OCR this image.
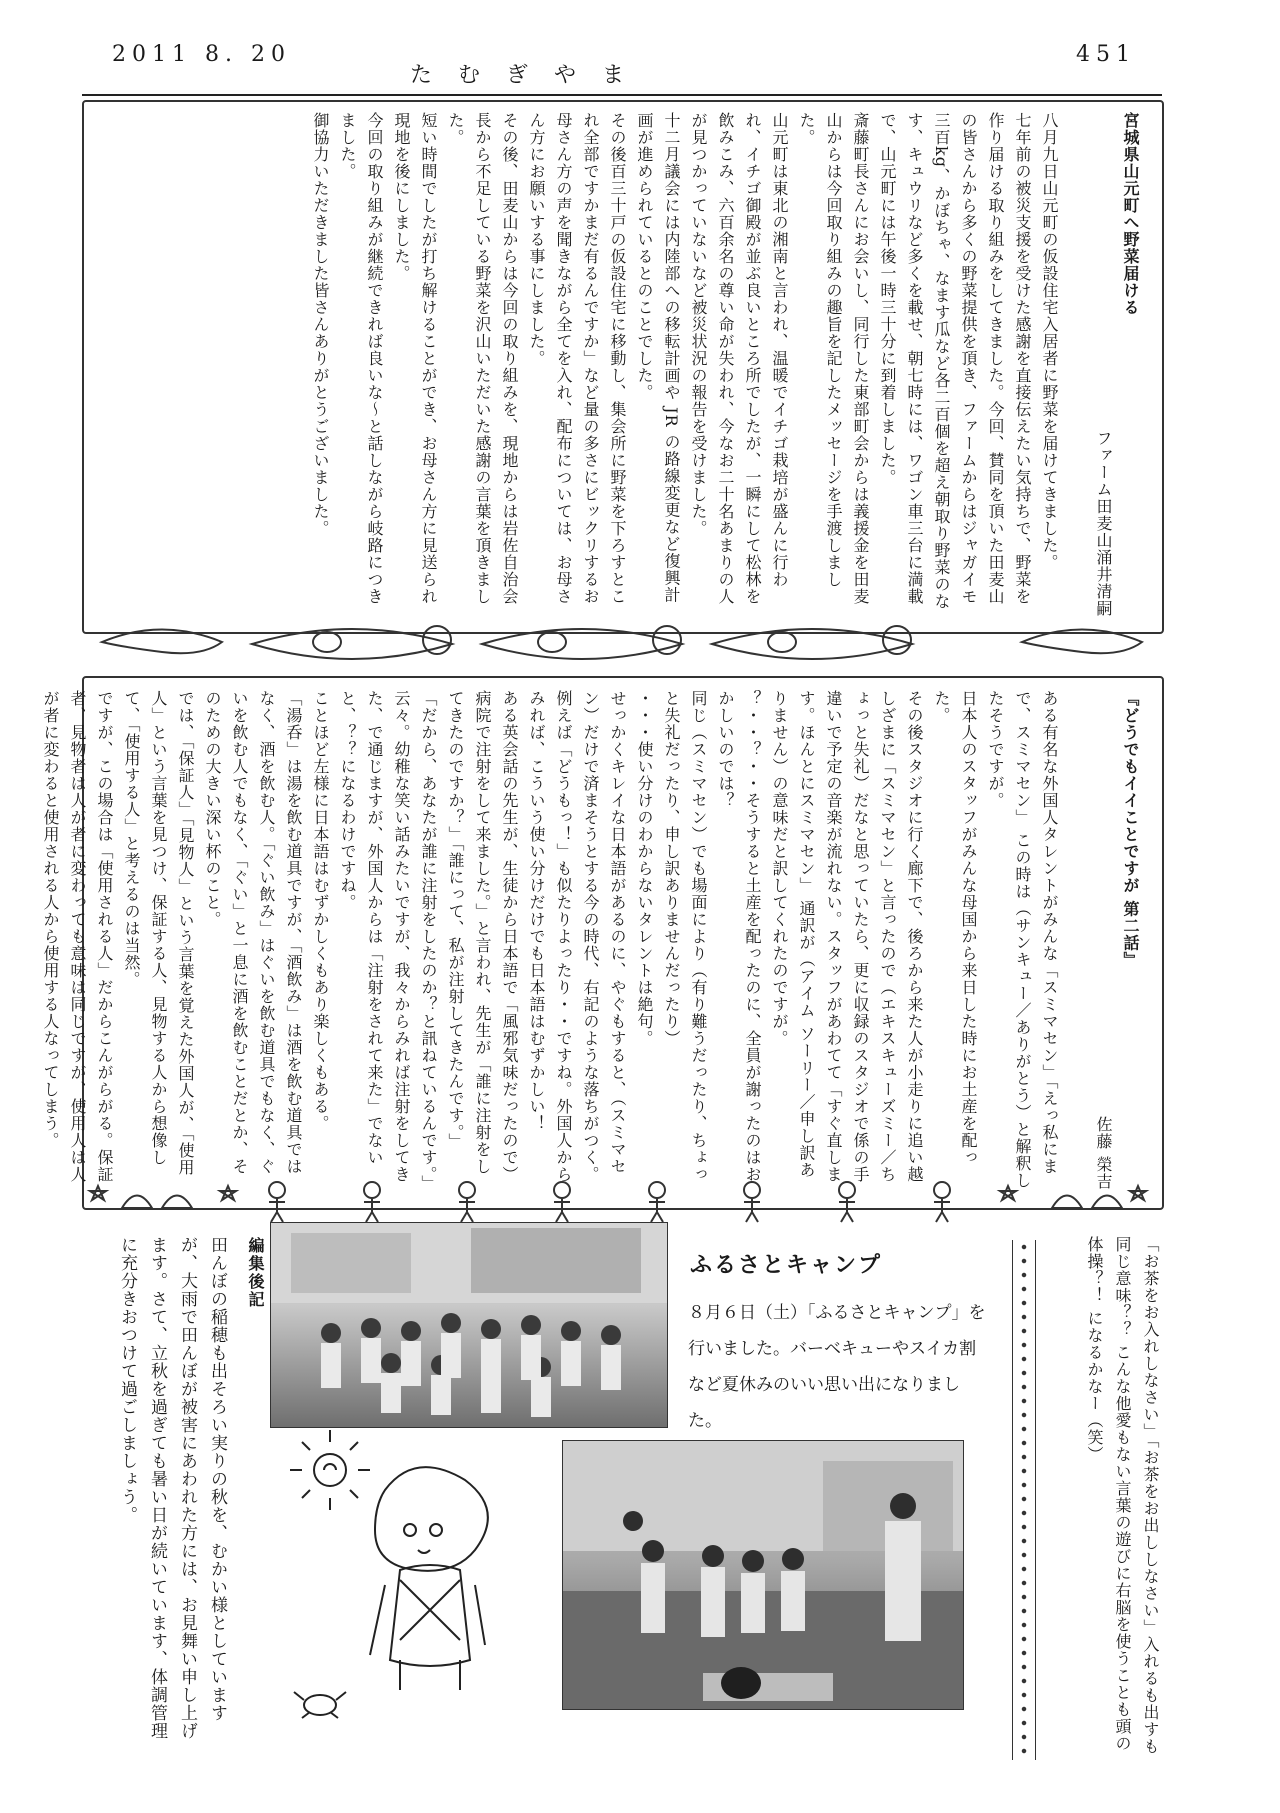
2011 8. 20
たむぎやま
451
宮城県山元町へ野菜届ける

ファーム田麦山涌井清嗣

八月九日山元町の仮設住宅入居者に野菜を届けてきました。
七年前の被災支援を受けた感謝を直接伝えたい気持ちで、野菜を作り届ける取り組みをしてきました。今回、賛同を頂いた田麦山の皆さんから多くの野菜提供を頂き、ファームからはジャガイモ三百kg、かぼちゃ、なます瓜など各二百個を超え朝取り野菜のなす、キュウリなど多くを載せ、朝七時には、ワゴン車三台に満載で、山元町には午後一時三十分に到着しました。
斎藤町長さんにお会いし、同行した東部町会からは義援金を田麦山からは今回取り組みの趣旨を記したメッセージを手渡しました。
山元町は東北の湘南と言われ、温暖でイチゴ栽培が盛んに行われ、イチゴ御殿が並ぶ良いところ所でしたが、一瞬にして松林を飲みこみ、六百余名の尊い命が失われ、今なお二十名あまりの人が見つかっていないなど被災状況の報告を受けました。
十二月議会には内陸部への移転計画や JR の路線変更など復興計画が進められているとのことでした。
その後百三十戸の仮設住宅に移動し、集会所に野菜を下ろすとこれ全部ですかまだ有るんですか」など量の多さにビックリするお母さん方の声を聞きながら全てを入れ、配布については、お母さん方にお願いする事にしました。
その後、田麦山からは今回の取り組みを、現地からは岩佐自治会長から不足している野菜を沢山いただいた感謝の言葉を頂きました。
短い時間でしたが打ち解けることができ、お母さん方に見送られ現地を後にしました。
今回の取り組みが継続できれば良いな〜と話しながら岐路につきました。
御協力いただきました皆さんありがとうございました。
『どうでもイイことですが 第二話』

佐藤 榮吉

ある有名な外国人タレントがみんな「スミマセン」「えっ私にまで、スミマセン」 この時は（サンキュー／ありがとう）と解釈したそうですが。
日本人のスタッフがみんな母国から来日した時にお土産を配った。
その後スタジオに行く廊下で、後ろから来た人が小走りに追い越しざまに「スミマセン」と言ったので（エキスキューズミー／ちょっと失礼）だなと思っていたら、更に収録のスタジオで係の手違いで予定の音楽が流れない。スタッフがあわてて「すぐ直します。ほんとにスミマセン」 通訳が（アイム ソーリー／申し訳ありません）の意味だと訳してくれたのですが。
？・・？・・そうすると土産を配ったのに、全員が謝ったのはおかしいのでは？
同じ（スミマセン）でも場面により（有り難うだったり、ちょっと失礼だったり、申し訳ありませんだったり）
・・・使い分けのわからないタレントは絶句。
せっかくキレイな日本語があるのに、やぐもすると、（スミマセン）だけで済まそうとする今の時代、右記のような落ちがつく。例えば「どうもっ！」も似たりよったり・・ですね。外国人からみれば、こういう使い分けだけでも日本語はむずかしい！
ある英会話の先生が、生徒から日本語で「風邪気味だったので）病院で注射をして来ました。」と言われ、先生が「誰に注射をしてきたのですか？」「誰にって、私が注射してきたんです。」
「だから、あなたが誰に注射をしたのか？と訊ねているんです。」云々。幼稚な笑い話みたいですが、我々からみれば注射をしてきた、で通じますが、外国人からは「注射をされて来た」でないと、？？になるわけですね。
ことほど左様に日本語はむずかしくもあり楽しくもある。
「湯呑」は湯を飲む道具ですが、「酒飲み」は酒を飲む道具ではなく、酒を飲む人。「ぐい飲み」はぐいを飲む道具でもなく、ぐいを飲む人でもなく、「ぐい」と一息に酒を飲むことだとか、そのための大きい深い杯のこと。
では、「保証人」「見物人」という言葉を覚えた外国人が、「使用人」という言葉を見つけ、保証する人、見物する人から想像して、「使用する人」と考えるのは当然。
ですが、この場合は「使用される人」だからこんがらがる。保証者、見物者は人が者に変わっても意味は同じですが、使用人は人が者に変わると使用される人から使用する人なってしまう。
「お茶をお入れしなさい」「お茶をお出ししなさい」入れるも出すも同じ意味？？ こんな他愛もない言葉の遊びに右脳を使うことも頭の体操？！ になるかなー（笑）
ふるさとキャンプ
８月６日（土）「ふるさとキャンプ」を行いました。バーベキューやスイカ割など夏休みのいい思い出になりました。
編集後記
田んぼの稲穂も出そろい実りの秋を、むかい様としていますが、大雨で田んぼが被害にあわれた方には、お見舞い申し上げます。さて、立秋を過ぎても暑い日が続いています、体調管理に充分きおつけて過ごしましょう。
